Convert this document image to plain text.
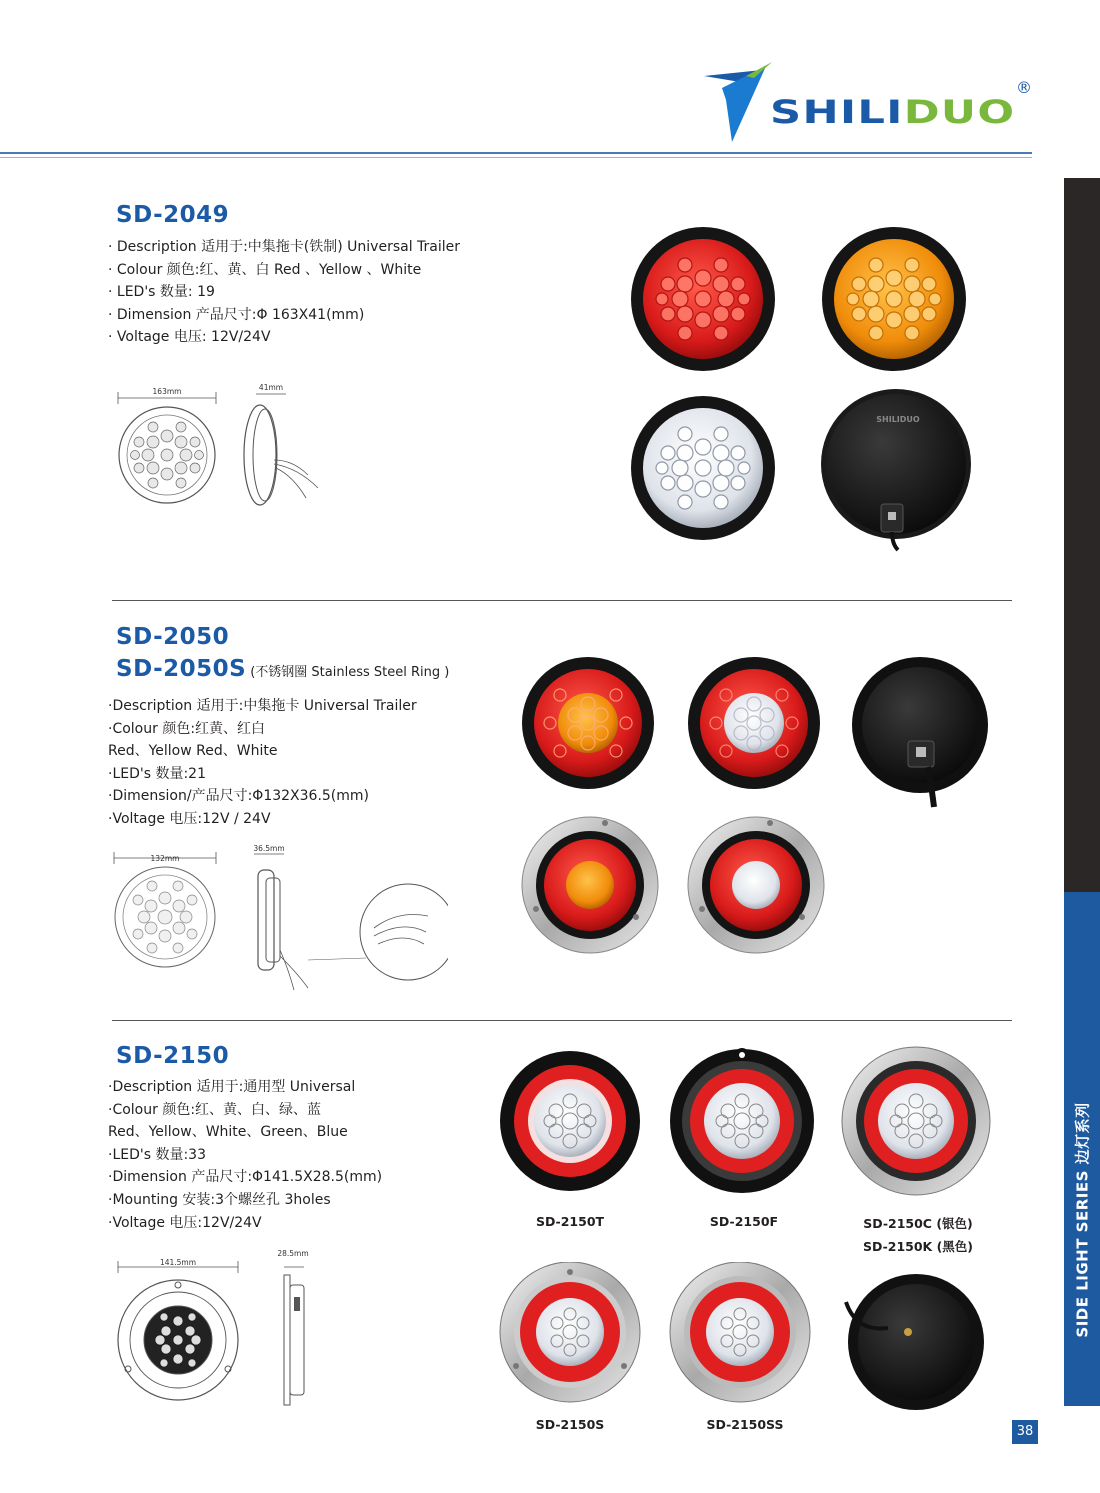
SHILIDUO
®
SIDE LIGHT SERIES 边灯系列
SD-2049
· Description 适用于:中集拖卡(铁制) Universal Trailer
· Colour 颜色:红、黄、白 Red 、Yellow 、White
· LED's 数量: 19
· Dimension 产品尺寸:Φ 163X41(mm)
· Voltage 电压: 12V/24V
163mm	41mm
SHILIDUO
SD-2050
SD-2050S (不锈钢圈 Stainless Steel Ring )
·Description 适用于:中集拖卡 Universal Trailer
·Colour 颜色:红黄、红白
Red、Yellow Red、White
·LED's 数量:21
·Dimension/产品尺寸:Φ132X36.5(mm)
·Voltage 电压:12V / 24V
132mm
36.5mm
SD-2150
·Description 适用于:通用型 Universal
·Colour 颜色:红、黄、白、绿、蓝
Red、Yellow、White、Green、Blue
·LED's 数量:33
·Dimension 产品尺寸:Φ141.5X28.5(mm)
·Mounting 安装:3个螺丝孔 3holes
·Voltage 电压:12V/24V
141.5mm
28.5mm
SD-2150T	SD-2150F	SD-2150C (银色)
SD-2150K (黑色)
SD-2150S	SD-2150SS	38
